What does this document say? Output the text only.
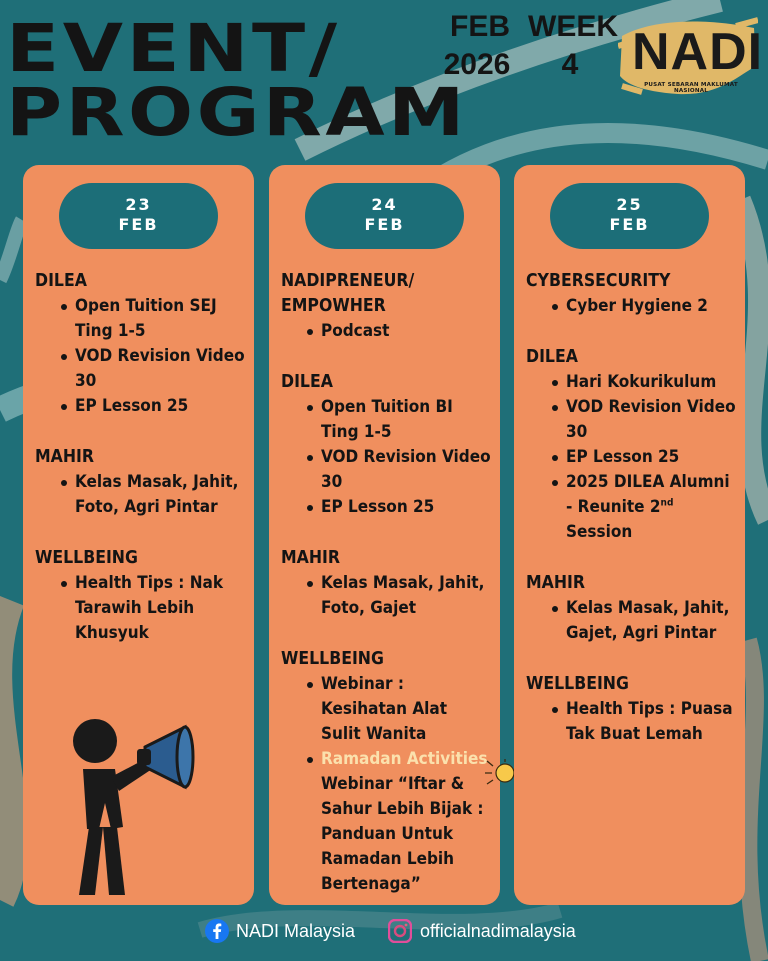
EVENT/
PROGRAM
FEB
2026
WEEK
4	NADI
PUSAT SEBARAN MAKLUMAT NASIONAL
23
FEB

DILEA

Open Tuition SEJ Ting 1-5
VOD Revision Video 30
EP Lesson 25

MAHIR

Kelas Masak, Jahit, Foto, Agri Pintar

WELLBEING

Health Tips : Nak Tarawih Lebih Khusyuk
24
FEB

NADIPRENEUR/ EMPOWHER

Podcast

DILEA

Open Tuition BI Ting 1-5
VOD Revision Video 30
EP Lesson 25

MAHIR

Kelas Masak, Jahit, Foto, Gajet

WELLBEING

Webinar : Kesihatan Alat Sulit Wanita
Ramadan Activities
Webinar “Iftar & Sahur Lebih Bijak : Panduan Untuk Ramadan Lebih Bertenaga”
25
FEB

CYBERSECURITY

Cyber Hygiene 2

DILEA

Hari Kokurikulum
VOD Revision Video 30
EP Lesson 25
2025 DILEA Alumni - Reunite 2nd Session

MAHIR

Kelas Masak, Jahit, Gajet, Agri Pintar

WELLBEING

Health Tips : Puasa Tak Buat Lemah
NADI Malaysia	officialnadimalaysia
